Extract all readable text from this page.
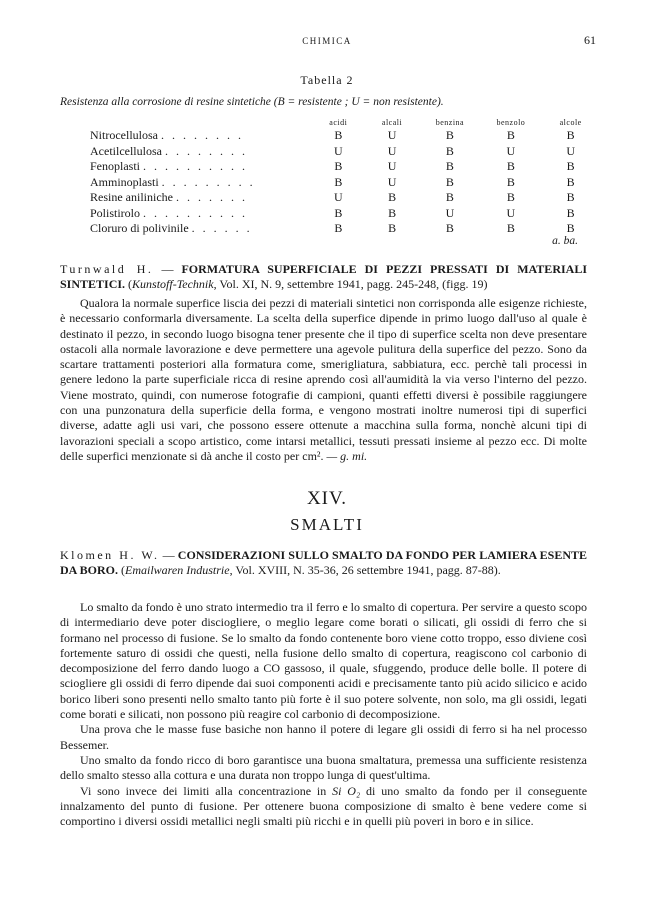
CHIMICA	61
Tabella 2
Resistenza alla corrosione di resine sintetiche (B = resistente ; U = non resistente).
	acidi	alcali	benzina	benzolo	alcole
Nitrocellulosa . . . . . . . .	B	U	B	B	B
Acetilcellulosa . . . . . . . .	U	U	B	U	U
Fenoplasti . . . . . . . . . .	B	U	B	B	B
Amminoplasti . . . . . . . . .	B	U	B	B	B
Resine aniliniche . . . . . . .	U	B	B	B	B
Polistirolo . . . . . . . . . .	B	B	U	U	B
Cloruro di polivinile . . . . . .	B	B	B	B	B
a. ba.
Turnwald H. — FORMATURA SUPERFICIALE DI PEZZI PRESSATI DI MATERIALI SINTETICI. (Kunstoff-Technik, Vol. XI, N. 9, settembre 1941, pagg. 245-248, (figg. 19)

Qualora la normale superfice liscia dei pezzi di materiali sintetici non corrisponda alle esigenze richieste, è necessario conformarla diversamente. La scelta della superfice dipende in primo luogo dall'uso al quale è destinato il pezzo, in secondo luogo bisogna tener presente che il tipo di superfice scelta non deve presentare ostacoli alla normale lavorazione e deve permettere una agevole pulitura della superfice del pezzo. Sono da scartare trattamenti posteriori alla formatura come, smerigliatura, sabbiatura, ecc. perchè tali processi in genere ledono la parte superficiale ricca di resine aprendo così all'aumidità la via verso l'interno del pezzo. Viene mostrato, quindi, con numerose fotografie di campioni, quanti effetti diversi è possibile raggiungere con una punzonatura della superficie della forma, e vengono mostrati inoltre numerosi tipi di superfici diverse, adatte agli usi vari, che possono essere ottenute a macchina sulla forma, nonchè alcuni tipi di lavorazioni speciali a scopo artistico, come intarsi metallici, tessuti pressati insieme al pezzo ecc. Di molte delle superfici menzionate si dà anche il costo per cm². — g. mi.

XIV.
SMALTI
Klomen H. W. — CONSIDERAZIONI SULLO SMALTO DA FONDO PER LAMIERA ESENTE DA BORO. (Emailwaren Industrie, Vol. XVIII, N. 35-36, 26 settembre 1941, pagg. 87-88).

Lo smalto da fondo è uno strato intermedio tra il ferro e lo smalto di copertura. Per servire a questo scopo di intermediario deve poter disciogliere, o meglio legare come borati o silicati, gli ossidi di ferro che si formano nel processo di fusione. Se lo smalto da fondo contenente boro viene cotto troppo, esso diviene così fortemente saturo di ossidi che questi, nella fusione dello smalto di copertura, reagiscono col carbonio di decomposizione del ferro dando luogo a CO gassoso, il quale, sfuggendo, produce delle bolle. Il potere di sciogliere gli ossidi di ferro dipende dai suoi componenti acidi e precisamente tanto più acido silicico e acido borico liberi sono presenti nello smalto tanto più forte è il suo potere solvente, non solo, ma gli ossidi, legati come borati e silicati, non possono più reagire col carbonio di decomposizione.

Una prova che le masse fuse basiche non hanno il potere di legare gli ossidi di ferro si ha nel processo Bessemer.

Uno smalto da fondo ricco di boro garantisce una buona smaltatura, premessa una sufficiente resistenza dello smalto stesso alla cottura e una durata non troppo lunga di quest'ultima.

Vi sono invece dei limiti alla concentrazione in Si O₂ di uno smalto da fondo per il conseguente innalzamento del punto di fusione. Per ottenere buona composizione di smalto è bene vedere come si comportino i diversi ossidi metallici negli smalti più ricchi e in quelli più poveri in boro e in silice.
